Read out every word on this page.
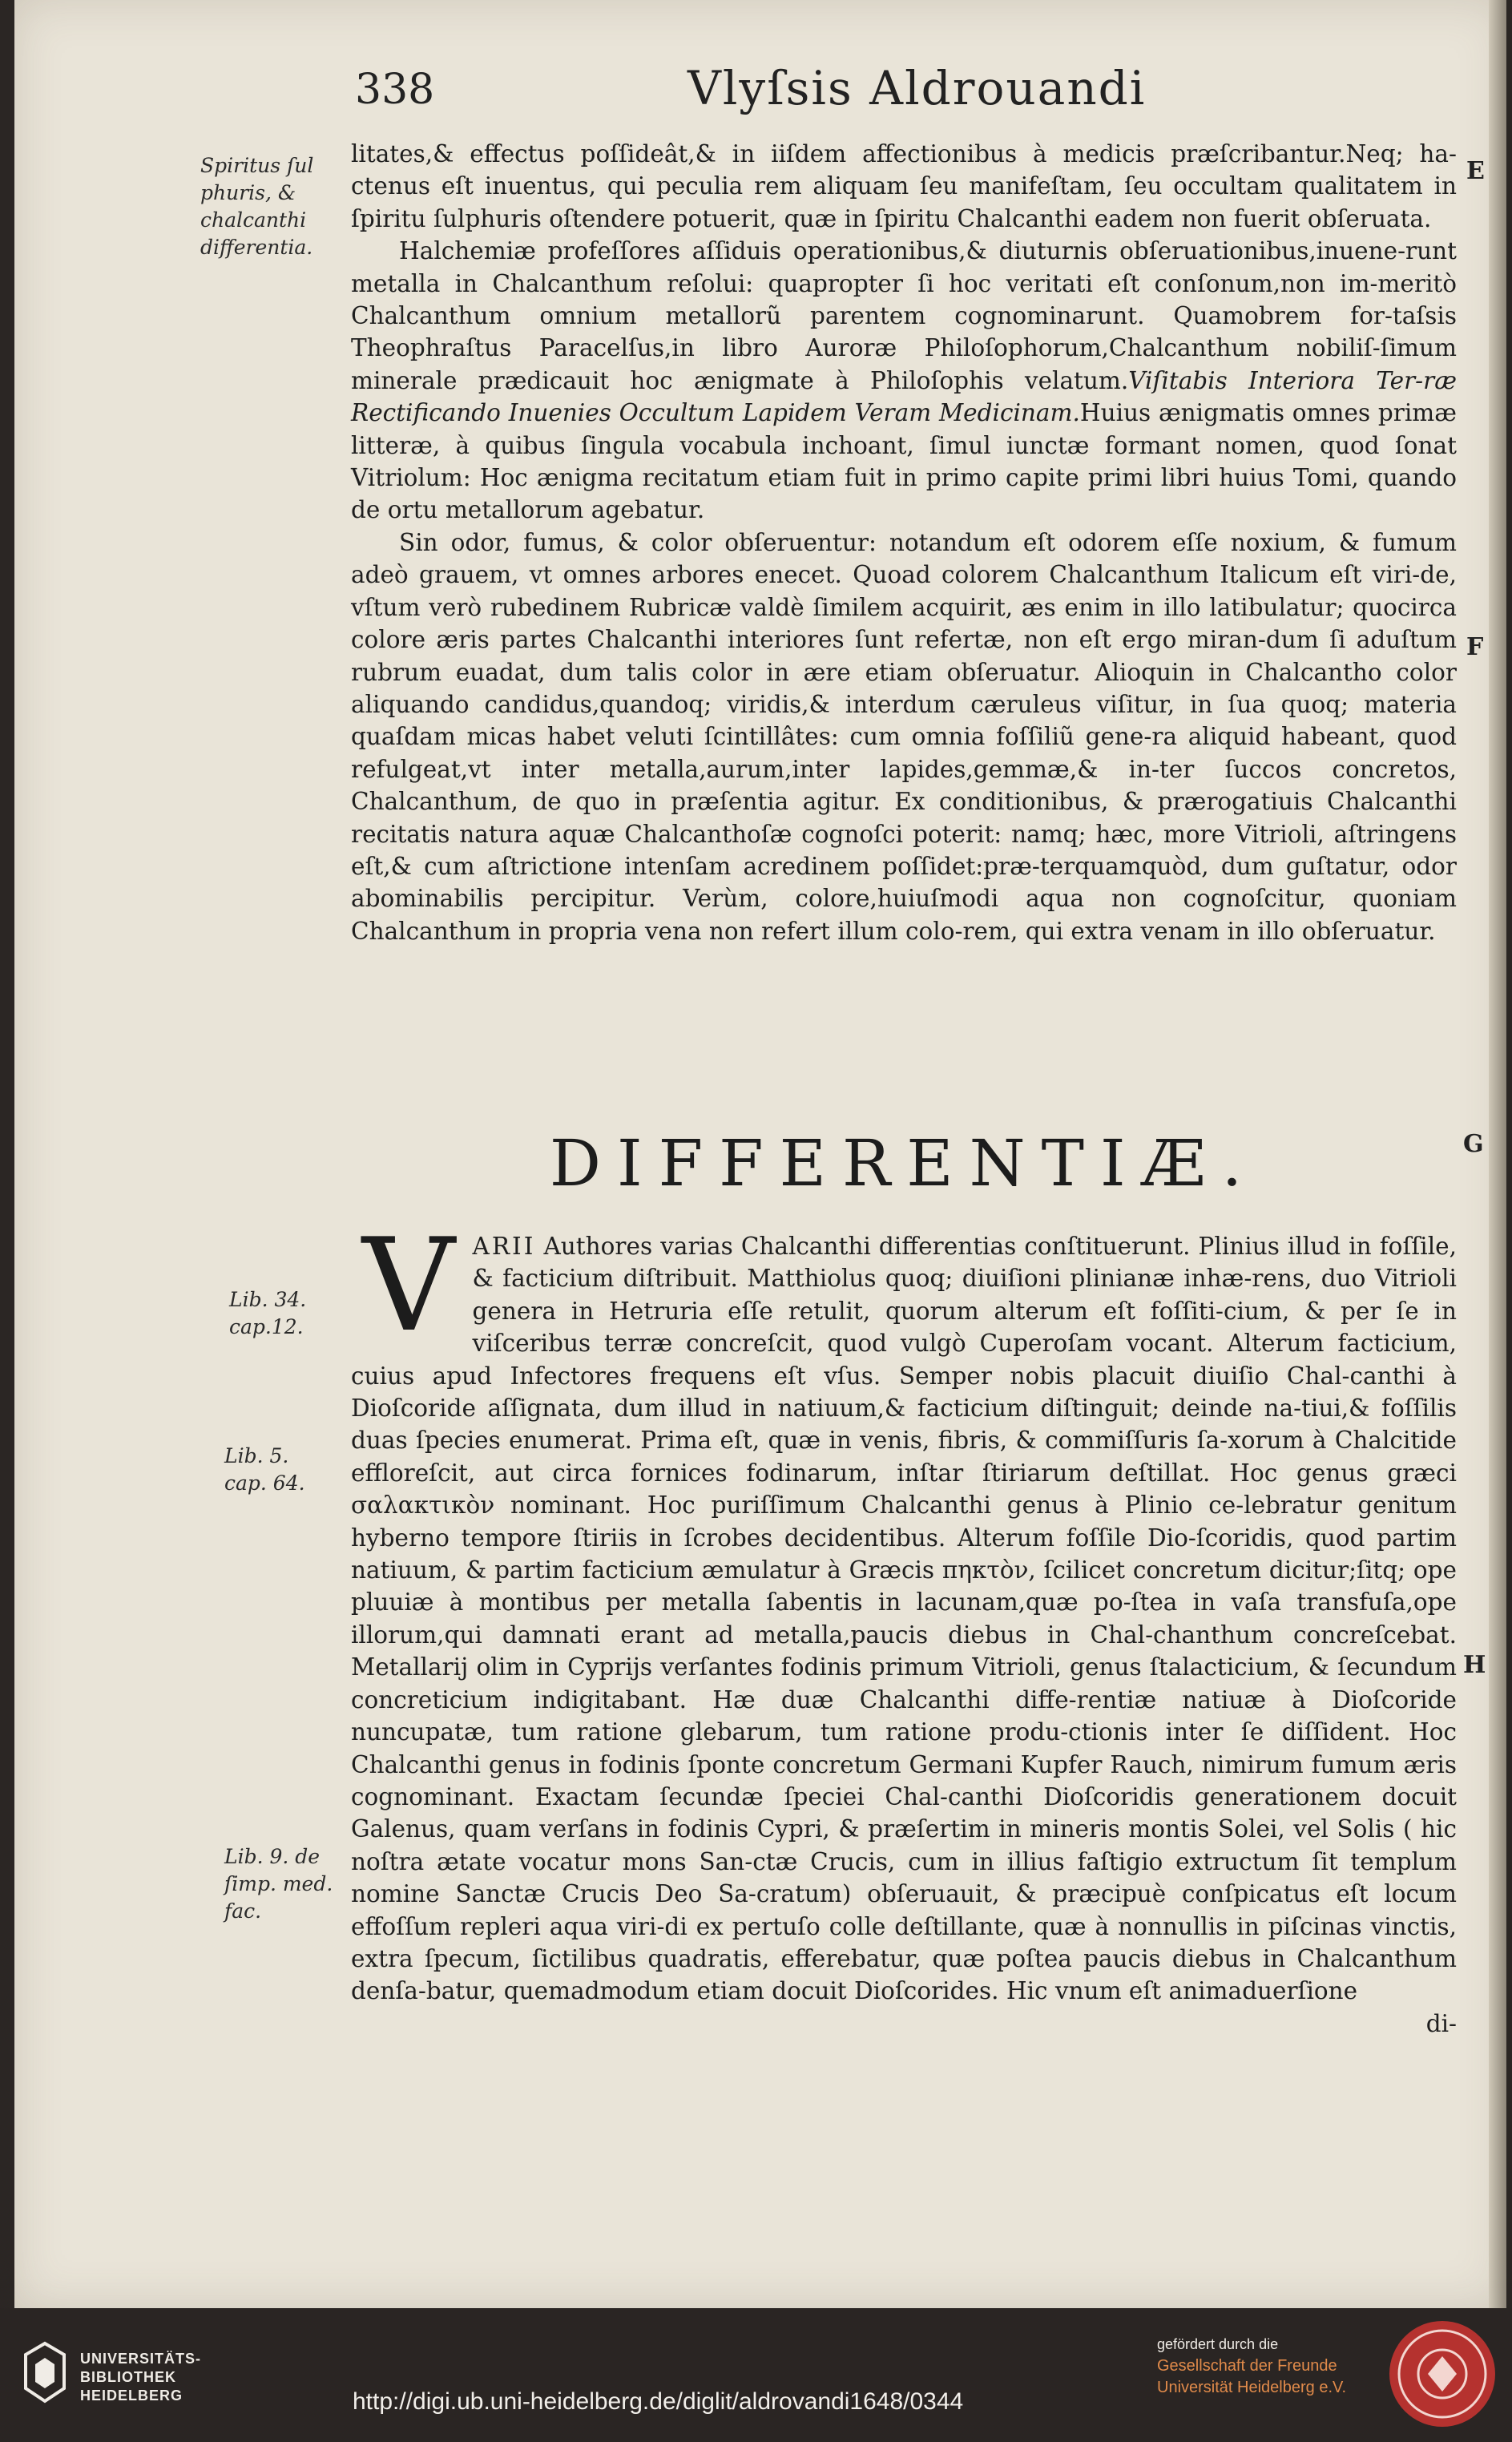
338	Vlyſsis Aldrouandi
Spiritus ſul
phuris, &
chalcanthi
differentia.
Lib. 34.
cap.12.
Lib. 5.
cap. 64.
Lib. 9. de
ſimp. med.
fac.
E
F
G
H

litates,& effectus poſſideât,& in iiſdem affectionibus à medicis præſcribantur.Neq; ha-ctenus eſt inuentus, qui peculia rem aliquam ſeu manifeſtam, ſeu occultam qualitatem in ſpiritu ſulphuris oſtendere potuerit, quæ in ſpiritu Chalcanthi eadem non fuerit obſeruata.

Halchemiæ profeſſores aſſiduis operationibus,& diuturnis obſeruationibus,inuene-runt metalla in Chalcanthum reſolui: quapropter ſi hoc veritati eſt conſonum,non im-meritò Chalcanthum omnium metallorũ parentem cognominarunt. Quamobrem for-taſsis Theophraſtus Paracelſus,in libro Auroræ Philoſophorum,Chalcanthum nobiliſ-ſimum minerale prædicauit hoc ænigmate à Philoſophis velatum.Viſitabis Interiora Ter-ræ Rectificando Inuenies Occultum Lapidem Veram Medicinam.Huius ænigmatis omnes primæ litteræ, à quibus ſingula vocabula inchoant, ſimul iunctæ formant nomen, quod ſonat Vitriolum: Hoc ænigma recitatum etiam fuit in primo capite primi libri huius Tomi, quando de ortu metallorum agebatur.

Sin odor, fumus, & color obſeruentur: notandum eſt odorem eſſe noxium, & fumum adeò grauem, vt omnes arbores enecet. Quoad colorem Chalcanthum Italicum eſt viri-de, vſtum verò rubedinem Rubricæ valdè ſimilem acquirit, æs enim in illo latibulatur; quocirca colore æris partes Chalcanthi interiores ſunt refertæ, non eſt ergo miran-dum ſi aduſtum rubrum euadat, dum talis color in ære etiam obſeruatur. Alioquin in Chalcantho color aliquando candidus,quandoq; viridis,& interdum cæruleus viſitur, in ſua quoq; materia quaſdam micas habet veluti ſcintillâtes: cum omnia foſſiliũ gene-ra aliquid habeant, quod refulgeat,vt inter metalla,aurum,inter lapides,gemmæ,& in-ter ſuccos concretos, Chalcanthum, de quo in præſentia agitur. Ex conditionibus, & prærogatiuis Chalcanthi recitatis natura aquæ Chalcanthoſæ cognoſci poterit: namq; hæc, more Vitrioli, aſtringens eſt,& cum aſtrictione intenſam acredinem poſſidet:præ-terquamquòd, dum guſtatur, odor abominabilis percipitur. Verùm, colore,huiuſmodi aqua non cognoſcitur, quoniam Chalcanthum in propria vena non refert illum colo-rem, qui extra venam in illo obſeruatur.

DIFFERENTIÆ.

VARII Authores varias Chalcanthi differentias conſtituerunt. Plinius illud in foſſile, & facticium diſtribuit. Matthiolus quoq; diuiſioni plinianæ inhæ-rens, duo Vitrioli genera in Hetruria eſſe retulit, quorum alterum eſt foſſiti-cium, & per ſe in viſceribus terræ concreſcit, quod vulgò Cuperoſam vocant. Alterum facticium, cuius apud Infectores frequens eſt vſus. Semper nobis placuit diuiſio Chal-canthi à Dioſcoride aſſignata, dum illud in natiuum,& facticium diſtinguit; deinde na-tiui,& foſſilis duas ſpecies enumerat. Prima eſt, quæ in venis, fibris, & commiſſuris ſa-xorum à Chalcitide effloreſcit, aut circa fornices fodinarum, inſtar ſtiriarum deſtillat. Hoc genus græci σαλακτικὸν nominant. Hoc puriſſimum Chalcanthi genus à Plinio ce-lebratur genitum hyberno tempore ſtiriis in ſcrobes decidentibus. Alterum foſſile Dio-ſcoridis, quod partim natiuum, & partim facticium æmulatur à Græcis πηκτὸν, ſcilicet concretum dicitur;ſitq; ope pluuiæ à montibus per metalla ſabentis in lacunam,quæ po-ſtea in vaſa transfuſa,ope illorum,qui damnati erant ad metalla,paucis diebus in Chal-chanthum concreſcebat. Metallarij olim in Cyprijs verſantes fodinis primum Vitrioli, genus ſtalacticium, & ſecundum concreticium indigitabant. Hæ duæ Chalcanthi diffe-rentiæ natiuæ à Dioſcoride nuncupatæ, tum ratione glebarum, tum ratione produ-ctionis inter ſe diſſident. Hoc Chalcanthi genus in fodinis ſponte concretum Germani Kupfer Rauch, nimirum fumum æris cognominant. Exactam ſecundæ ſpeciei Chal-canthi Dioſcoridis generationem docuit Galenus, quam verſans in fodinis Cypri, & præſertim in mineris montis Solei, vel Solis ( hic noſtra ætate vocatur mons San-ctæ Crucis, cum in illius faſtigio extructum ſit templum nomine Sanctæ Crucis Deo Sa-cratum) obſeruauit, & præcipuè conſpicatus eſt locum effoſſum repleri aqua viri-di ex pertuſo colle deſtillante, quæ à nonnullis in piſcinas vinctis, extra ſpecum, ſictilibus quadratis, efferebatur, quæ poſtea paucis diebus in Chalcanthum denſa-batur, quemadmodum etiam docuit Dioſcorides. Hic vnum eſt animaduerſione

di-

UNIVERSITÄTS-
BIBLIOTHEK
HEIDELBERG	http://digi.ub.uni-heidelberg.de/diglit/aldrovandi1648/0344
gefördert durch die
Gesellschaft der Freunde
Universität Heidelberg e.V.
